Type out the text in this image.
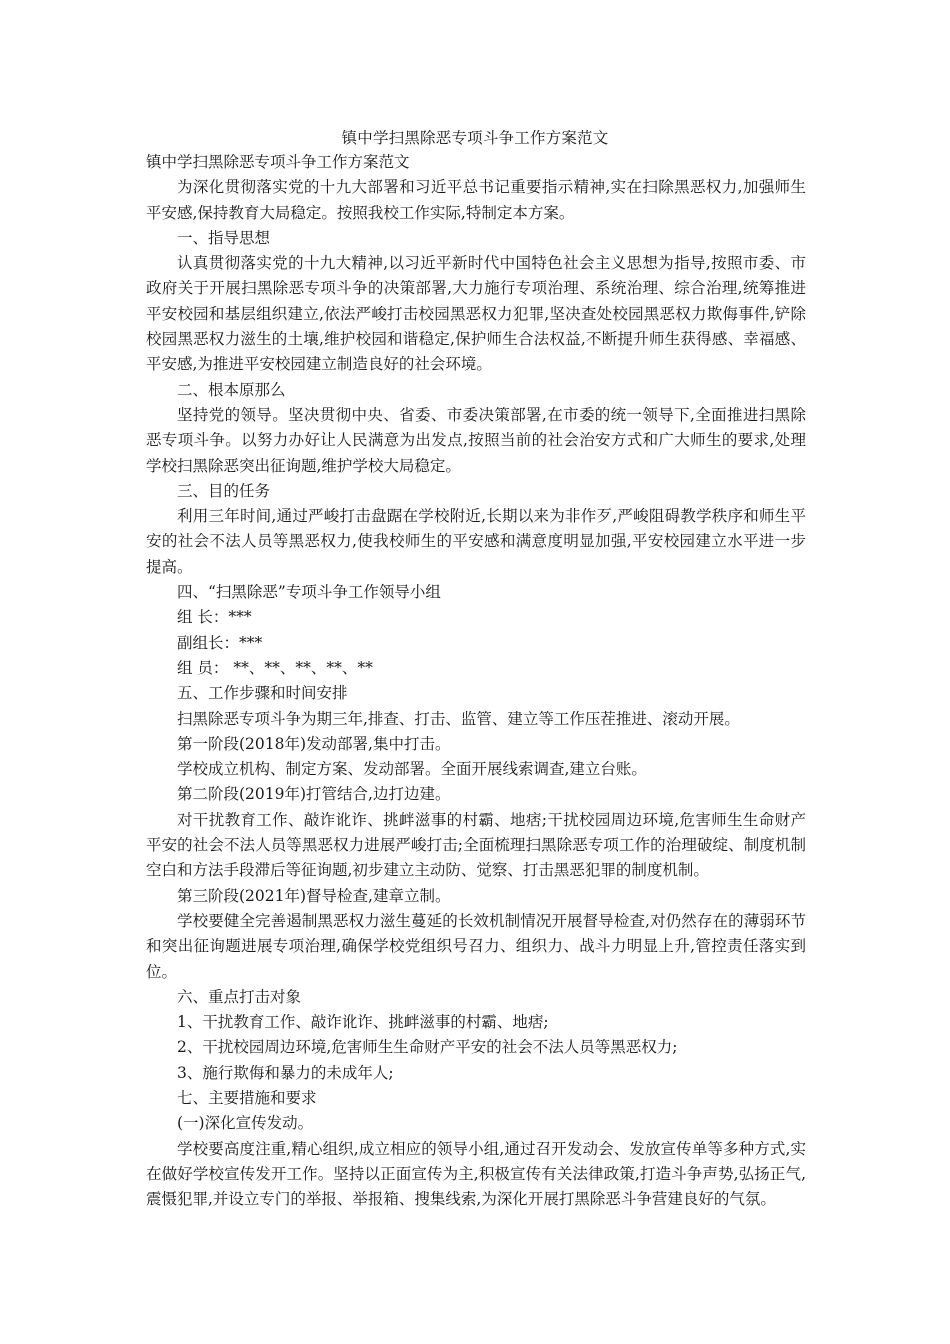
镇中学扫黑除恶专项斗争工作方案范文

镇中学扫黑除恶专项斗争工作方案范文

为深化贯彻落实党的十九大部署和习近平总书记重要指示精神,实在扫除黑恶权力,加强师生平安感,保持教育大局稳定。按照我校工作实际,特制定本方案。

一、指导思想

认真贯彻落实党的十九大精神,以习近平新时代中国特色社会主义思想为指导,按照市委、市政府关于开展扫黑除恶专项斗争的决策部署,大力施行专项治理、系统治理、综合治理,统筹推进平安校园和基层组织建立,依法严峻打击校园黑恶权力犯罪,坚决查处校园黑恶权力欺侮事件,铲除校园黑恶权力滋生的土壤,维护校园和谐稳定,保护师生合法权益,不断提升师生获得感、幸福感、平安感,为推进平安校园建立制造良好的社会环境。

二、根本原那么

坚持党的领导。坚决贯彻中央、省委、市委决策部署,在市委的统一领导下,全面推进扫黑除恶专项斗争。以努力办好让人民满意为出发点,按照当前的社会治安方式和广大师生的要求,处理学校扫黑除恶突出征询题,维护学校大局稳定。

三、目的任务

利用三年时间,通过严峻打击盘踞在学校附近,长期以来为非作歹,严峻阻碍教学秩序和师生平安的社会不法人员等黑恶权力,使我校师生的平安感和满意度明显加强,平安校园建立水平进一步提高。

四、“扫黑除恶”专项斗争工作领导小组

组 长：***

副组长：***

组 员： **、**、**、**、**

五、工作步骤和时间安排

扫黑除恶专项斗争为期三年,排查、打击、监管、建立等工作压茬推进、滚动开展。

第一阶段(2018年)发动部署,集中打击。

学校成立机构、制定方案、发动部署。全面开展线索调查,建立台账。

第二阶段(2019年)打管结合,边打边建。

对干扰教育工作、敲诈讹诈、挑衅滋事的村霸、地痞;干扰校园周边环境,危害师生生命财产平安的社会不法人员等黑恶权力进展严峻打击;全面梳理扫黑除恶专项工作的治理破绽、制度机制空白和方法手段滞后等征询题,初步建立主动防、觉察、打击黑恶犯罪的制度机制。

第三阶段(2021年)督导检查,建章立制。

学校要健全完善遏制黑恶权力滋生蔓延的长效机制情况开展督导检查,对仍然存在的薄弱环节和突出征询题进展专项治理,确保学校党组织号召力、组织力、战斗力明显上升,管控责任落实到位。

六、重点打击对象

1、干扰教育工作、敲诈讹诈、挑衅滋事的村霸、地痞;

2、干扰校园周边环境,危害师生生命财产平安的社会不法人员等黑恶权力;

3、施行欺侮和暴力的未成年人;

七、主要措施和要求

(一)深化宣传发动。

学校要高度注重,精心组织,成立相应的领导小组,通过召开发动会、发放宣传单等多种方式,实在做好学校宣传发开工作。坚持以正面宣传为主,积极宣传有关法律政策,打造斗争声势,弘扬正气,震慑犯罪,并设立专门的举报、举报箱、搜集线索,为深化开展打黑除恶斗争营建良好的气氛。
